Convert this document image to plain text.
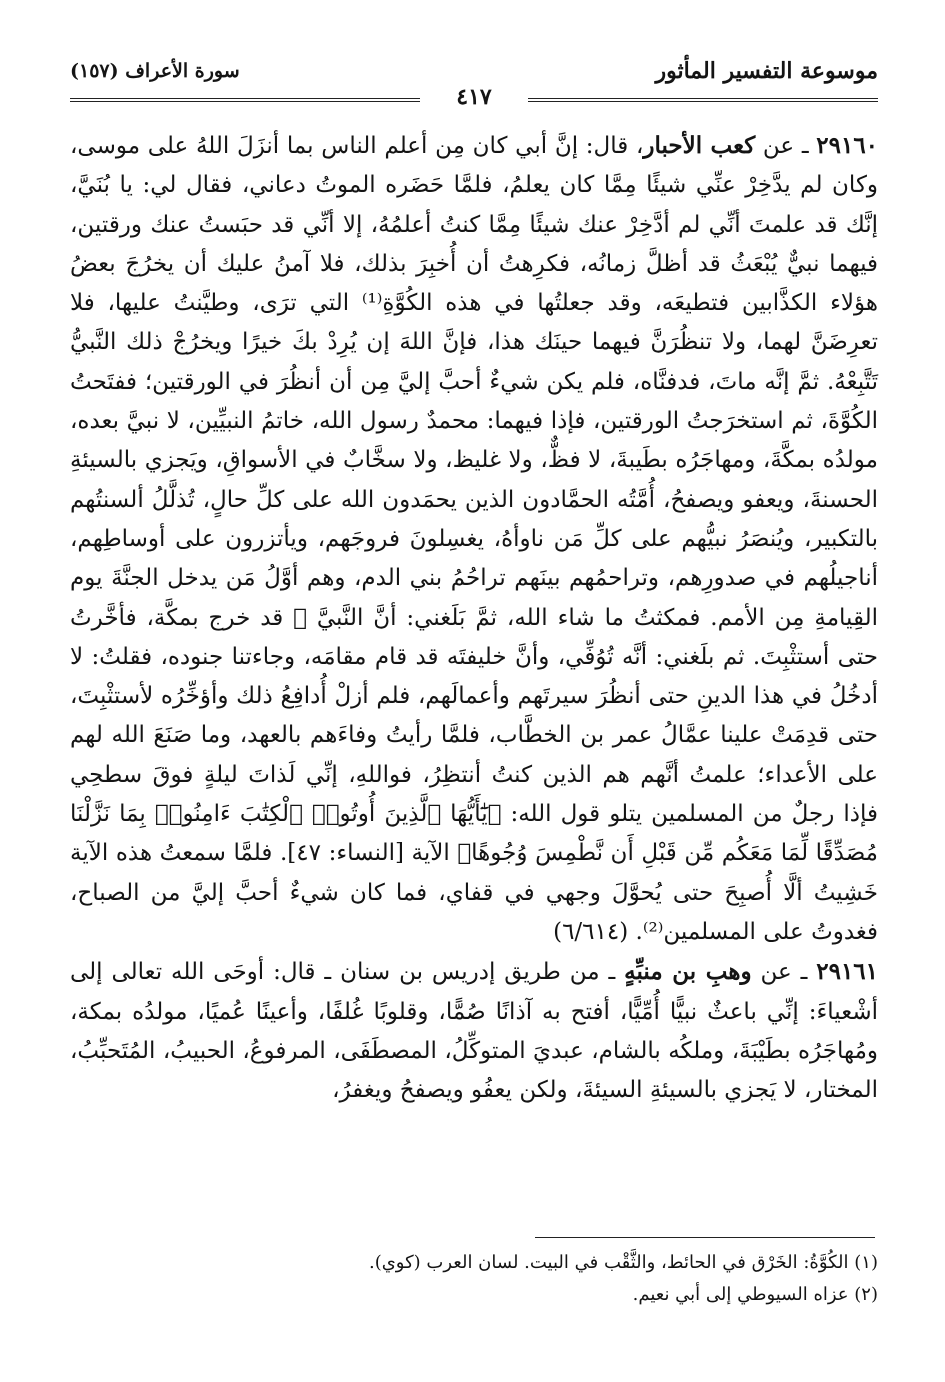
موسوعة التفسير المأثور
سورة الأعراف (١٥٧)
٤١٧

٢٩١٦٠ ـ عن كعب الأحبار، قال: إنَّ أبي كان مِن أعلم الناس بما أنزَلَ اللهُ على موسى، وكان لم يدَّخِرْ عنِّي شيئًا مِمَّا كان يعلمُ، فلمَّا حَضَره الموتُ دعاني، فقال لي: يا بُنَيَّ، إنَّك قد علمتَ أنِّي لم أدَّخِرْ عنك شيئًا مِمَّا كنتُ أعلمُهُ، إلا أنِّي قد حبَستُ عنك ورقتين، فيهما نبيٌّ يُبْعَثُ قد أظلَّ زمانُه، فكرِهتُ أن أُخبِرَ بذلك، فلا آمنُ عليك أن يخرُجَ بعضُ هؤلاء الكذَّابين فتطيعَه، وقد جعلتُها في هذه الكُوَّةِ⁽¹⁾ التي ترَى، وطيَّنتُ عليها، فلا تعرِضَنَّ لهما، ولا تنظُرَنَّ فيهما حينَك هذا، فإنَّ اللهَ إن يُرِدْ بكَ خيرًا ويخرُجْ ذلك النَّبيُّ تَتَّبِعْهُ. ثمَّ إنَّه ماتَ، فدفنَّاه، فلم يكن شيءٌ أحبَّ إليَّ مِن أن أنظُرَ في الورقتين؛ ففتَحتُ الكُوَّةَ، ثم استخرَجتُ الورقتين، فإذا فيهما: محمدٌ رسول الله، خاتمُ النبيِّين، لا نبيَّ بعده، مولدُه بمكَّةَ، ومهاجَرُه بطَيبةَ، لا فظٌّ، ولا غليظ، ولا سخَّابٌ في الأسواقِ، ويَجزي بالسيئةِ الحسنةَ، ويعفو ويصفحُ، أُمَّتُه الحمَّادون الذين يحمَدون الله على كلِّ حالٍ، تُذلَّلُ ألسنتُهم بالتكبير، ويُنصَرُ نبيُّهم على كلِّ مَن ناوأهُ، يغسِلونَ فروجَهم، ويأتزرون على أوساطِهم، أناجيلُهم في صدورِهم، وتراحمُهم بينَهم تراحُمُ بني الدم، وهم أوَّلُ مَن يدخل الجنَّةَ يوم القِيامةِ مِن الأمم. فمكثتُ ما شاء الله، ثمَّ بَلَغني: أنَّ النَّبيَّ ﷺ قد خرج بمكَّة، فأخَّرتُ حتى أستثْبِتَ. ثم بلَغني: أنَّه تُوُفِّي، وأنَّ خليفتَه قد قام مقامَه، وجاءتنا جنوده، فقلتُ: لا أدخُلُ في هذا الدينِ حتى أنظُرَ سيرتَهم وأعمالَهم، فلم أزلْ أُدافِعُ ذلك وأؤخِّرُه لأستثْبِتَ، حتى قدِمَتْ علينا عمَّالُ عمر بن الخطَّاب، فلمَّا رأيتُ وفاءَهم بالعهد، وما صَنَعَ الله لهم على الأعداء؛ علمتُ أنَّهم هم الذين كنتُ أنتظِرُ، فواللهِ، إنِّي لَذاتَ ليلةٍ فوقَ سطحِي فإذا رجلٌ من المسلمين يتلو قول الله: ﴿يَٰٓأَيُّهَا ٱلَّذِينَ أُوتُوا۟ ٱلْكِتَٰبَ ءَامِنُوا۟ بِمَا نَزَّلْنَا مُصَدِّقًا لِّمَا مَعَكُم مِّن قَبْلِ أَن نَّطْمِسَ وُجُوهًا﴾ الآية [النساء: ٤٧]. فلمَّا سمعتُ هذه الآية خَشِيتُ ألَّا أُصبِحَ حتى يُحوَّلَ وجهي في قفاي، فما كان شيءٌ أحبَّ إليَّ من الصباح، فغدوتُ على المسلمين⁽²⁾. (٦/٦١٤)

٢٩١٦١ ـ عن وهبِ بن منبِّهٍ ـ من طريق إدريس بن سنان ـ قال: أوحَى الله تعالى إلى أشْعياءَ: إنِّي باعثٌ نبيًّا أُمِّيًّا، أفتح به آذانًا صُمًّا، وقلوبًا غُلفًا، وأعينًا عُميًا، مولدُه بمكة، ومُهاجَرُه بطَيْبَةَ، وملكُه بالشام، عبديَ المتوكِّلُ، المصطَفَى، المرفوعُ، الحبيبُ، المُتَحبِّبُ، المختار، لا يَجزي بالسيئةِ السيئةَ، ولكن يعفُو ويصفحُ ويغفرُ،

(١) الكُوَّةُ: الخَرْق في الحائط، والثَّقْب في البيت. لسان العرب (كوي).

(٢) عزاه السيوطي إلى أبي نعيم.
